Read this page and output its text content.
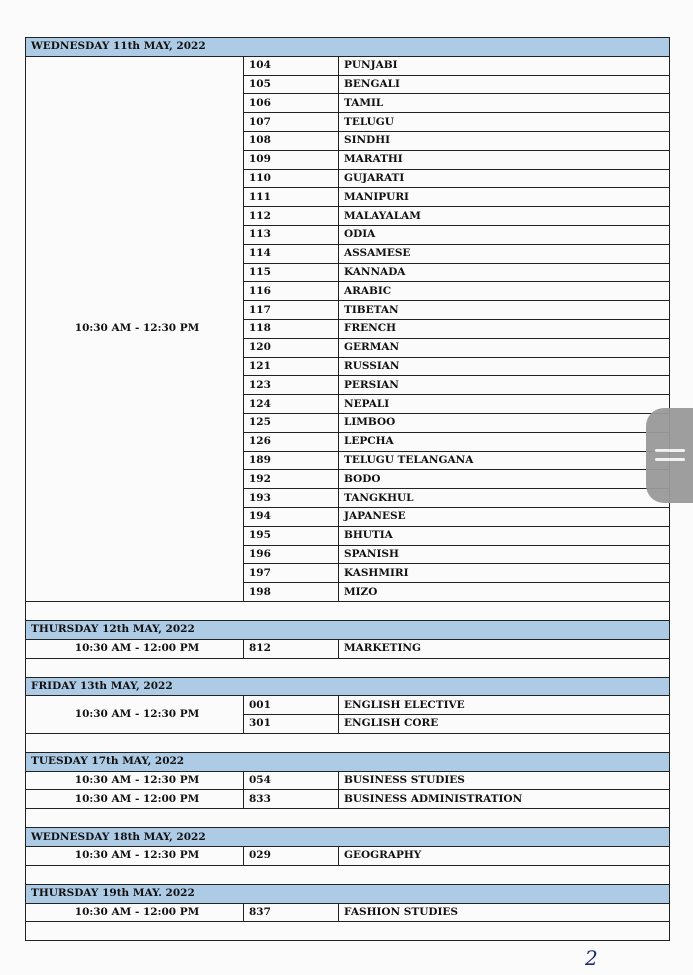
WEDNESDAY 11th MAY, 2022		
10:30 AM - 12:30 PM	104	PUNJABI
	105	BENGALI
	106	TAMIL
	107	TELUGU
	108	SINDHI
	109	MARATHI
	110	GUJARATI
	111	MANIPURI
	112	MALAYALAM
	113	ODIA
	114	ASSAMESE
	115	KANNADA
	116	ARABIC
	117	TIBETAN
	118	FRENCH
	120	GERMAN
	121	RUSSIAN
	123	PERSIAN
	124	NEPALI
	125	LIMBOO
	126	LEPCHA
	189	TELUGU TELANGANA
	192	BODO
	193	TANGKHUL
	194	JAPANESE
	195	BHUTIA
	196	SPANISH
	197	KASHMIRI
	198	MIZO

THURSDAY 12th MAY, 2022		
10:30 AM - 12:00 PM	812	MARKETING

FRIDAY 13th MAY, 2022		
10:30 AM - 12:30 PM	001	ENGLISH ELECTIVE
	301	ENGLISH CORE

TUESDAY 17th MAY, 2022		
10:30 AM - 12:30 PM	054	BUSINESS STUDIES
10:30 AM - 12:00 PM	833	BUSINESS ADMINISTRATION

WEDNESDAY 18th MAY, 2022		
10:30 AM - 12:30 PM	029	GEOGRAPHY

THURSDAY 19th MAY. 2022		
10:30 AM - 12:00 PM	837	FASHION STUDIES

2
